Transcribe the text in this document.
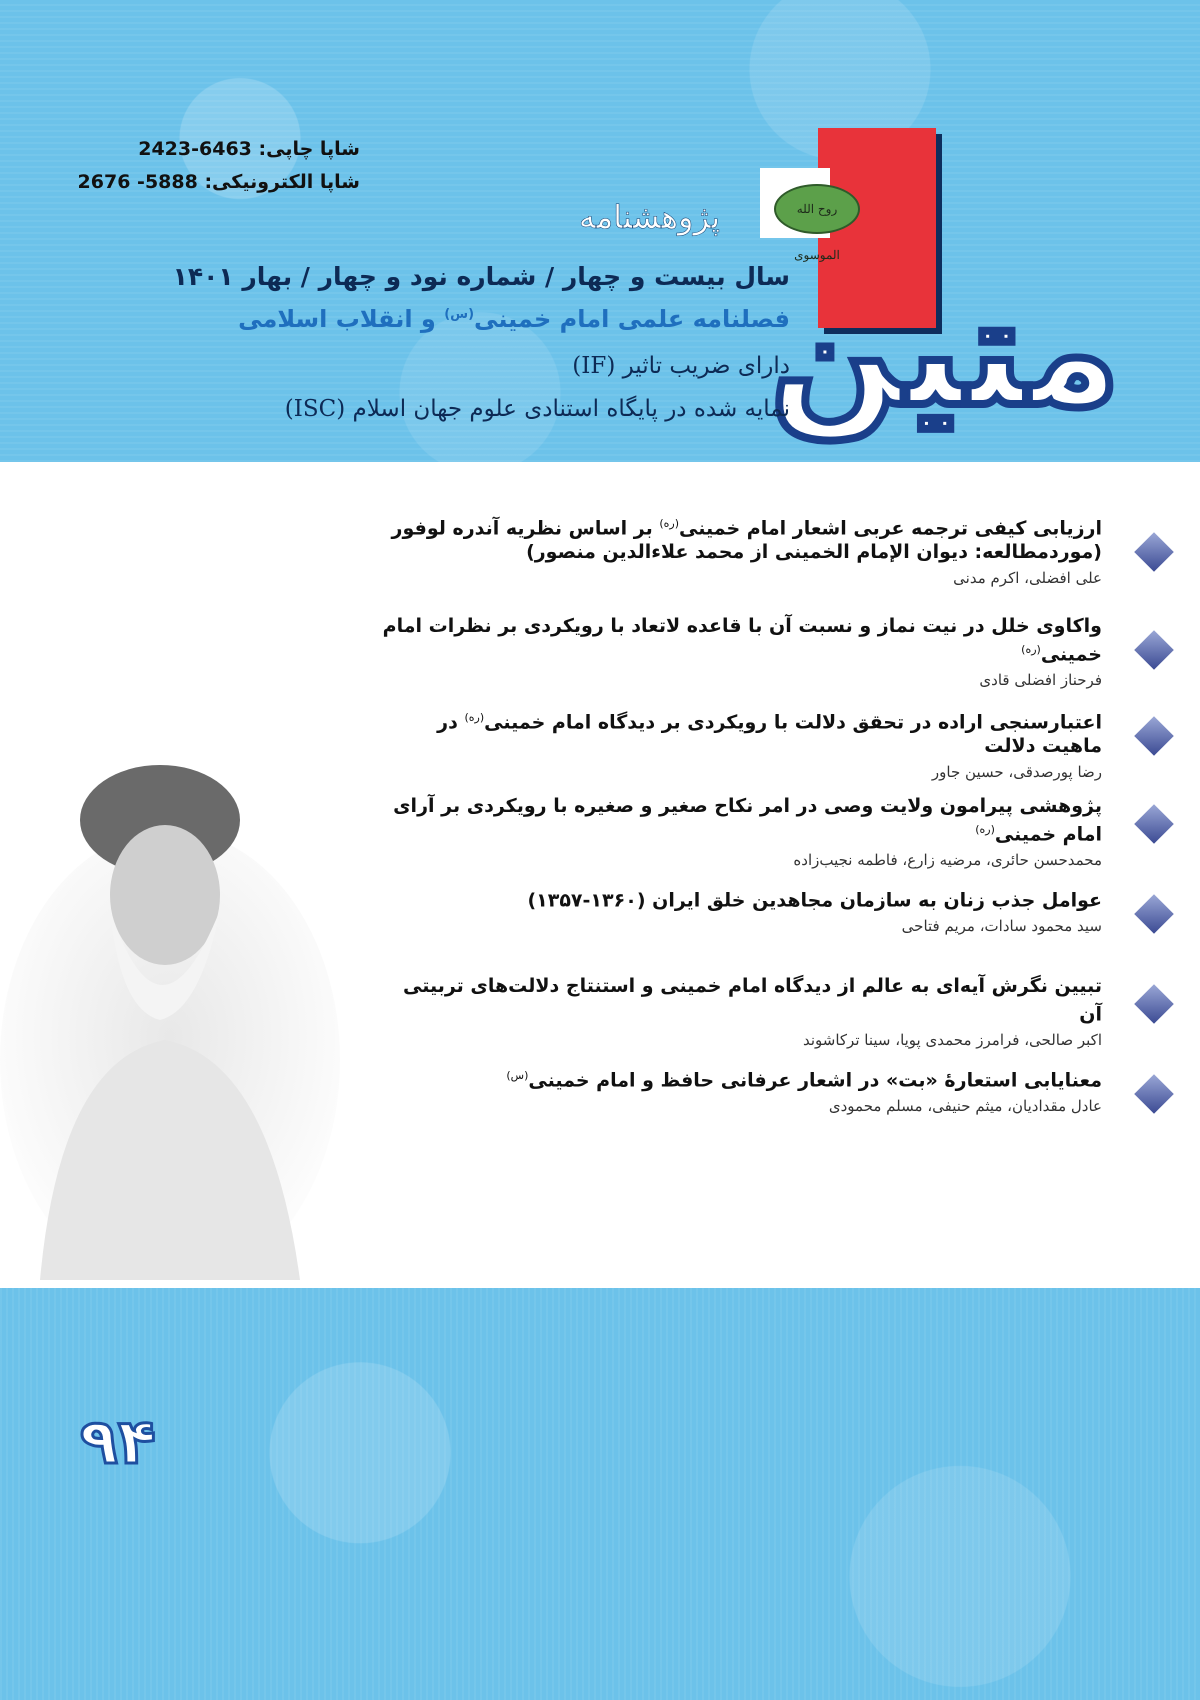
شاپا چاپی: 6463-2423
شاپا الکترونیکی: 5888- 2676
روح الله الموسوی
متین
پژوهشنامه
سال بیست و چهار / شماره نود و چهار / بهار ۱۴۰۱
فصلنامه علمی امام خمینی$^{(س)}$ و انقلاب اسلامی
دارای ضریب تاثیر (IF)
نمایه شده در پایگاه استنادی علوم جهان اسلام (ISC)
ارزیابی کیفی ترجمه عربی اشعار امام خمینی$^{(ره)}$ بر اساس نظریه آندره لوفور
(موردمطالعه: دیوان الإمام الخمینی از محمد علاءالدین منصور)
علی افضلی، اکرم مدنی
واکاوی خلل در نیت نماز و نسبت آن با قاعده لاتعاد با رویکردی بر نظرات امام خمینی$^{(ره)}$
فرحناز افضلی قادی
اعتبارسنجی اراده در تحقق دلالت با رویکردی بر دیدگاه امام خمینی$^{(ره)}$ در ماهیت دلالت
رضا پورصدقی، حسین جاور
پژوهشی پیرامون ولایت وصی در امر نکاح صغیر و صغیره با رویکردی بر آرای امام خمینی$^{(ره)}$
محمدحسن حائری، مرضیه زارع، فاطمه نجیب‌زاده
عوامل جذب زنان به سازمان مجاهدین خلق ایران (۱۳۶۰-۱۳۵۷)
سید محمود سادات، مریم فتاحی
تبیین نگرش آیه‌ای به عالم از دیدگاه امام خمینی و استنتاج دلالت‌های تربیتی آن
اکبر صالحی، فرامرز محمدی پویا، سینا ترکاشوند
معنایابی استعارۀ «بت» در اشعار عرفانی حافظ و امام خمینی$^{(س)}$
عادل مقدادیان، میثم حنیفی، مسلم محمودی
۹۴
